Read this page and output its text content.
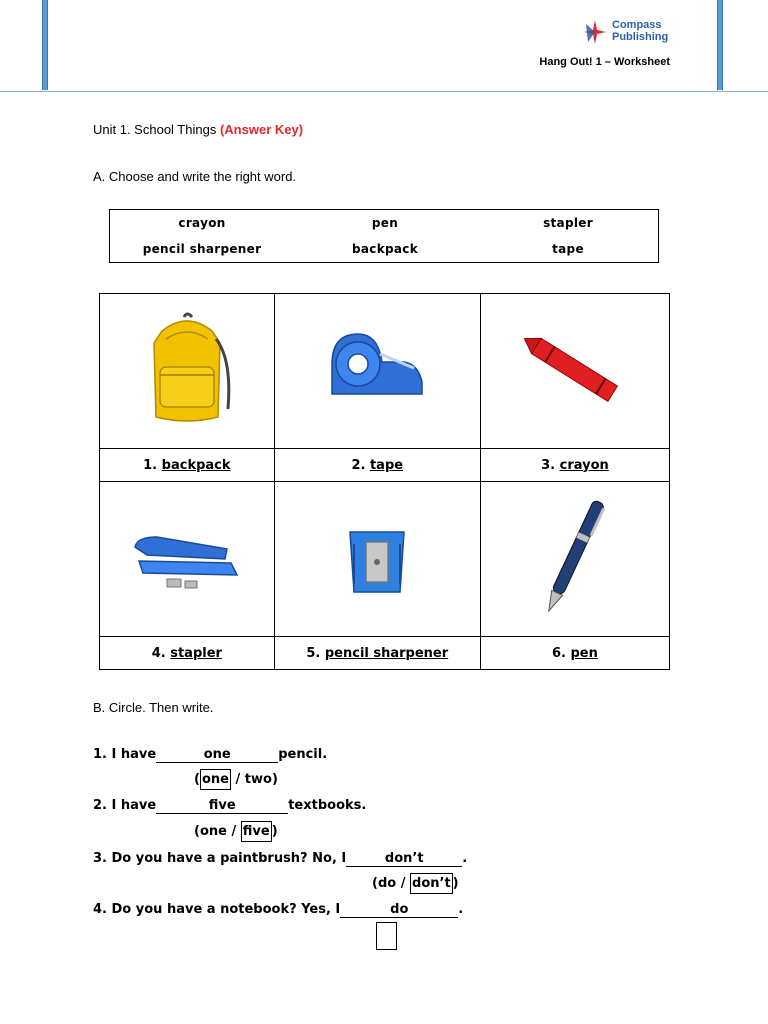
Compass
Publishing
Hang Out! 1 – Worksheet
Unit 1. School Things (Answer Key)
A. Choose and write the right word.
crayon	pen	stapler
pencil sharpener	backpack	tape

1. backpack	2. tape	3. crayon

4. stapler	5. pencil sharpener	6. pen
B. Circle. Then write.
1. I have	one	pencil.
( one / two)
2. I have	five	textbooks.
(one / five )
3. Do you have a paintbrush? No, I	don’t	.
(do / don’t )
4. Do you have a notebook? Yes, I	do	.
